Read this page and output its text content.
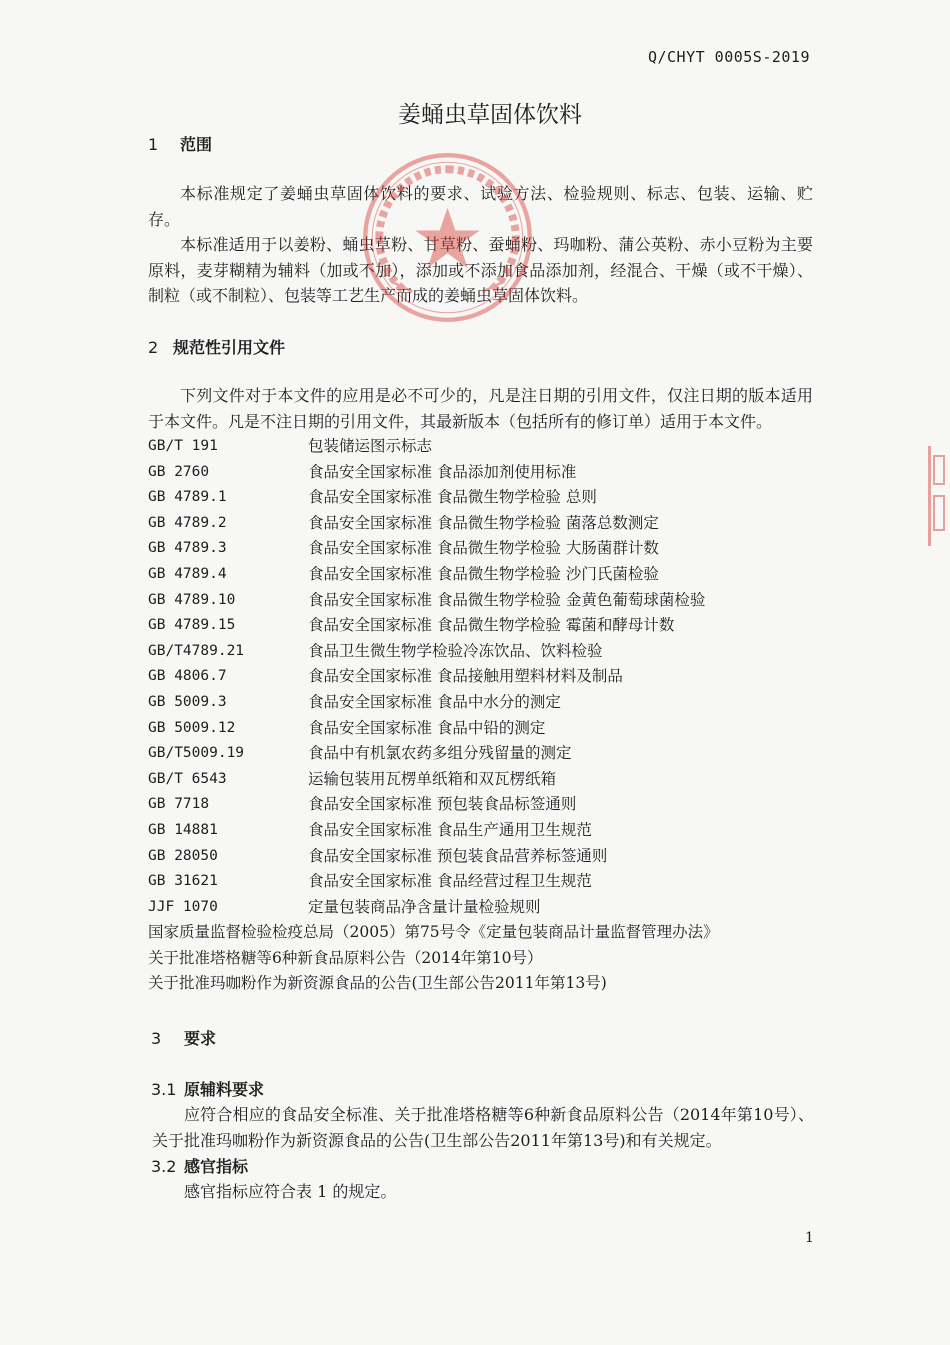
Q/CHYT 0005S-2019
姜蛹虫草固体饮料
1 范围
本标准规定了姜蛹虫草固体饮料的要求、试验方法、检验规则、标志、包装、运输、贮存。
本标准适用于以姜粉、蛹虫草粉、甘草粉、蚕蛹粉、玛咖粉、蒲公英粉、赤小豆粉为主要原料，麦芽糊精为辅料（加或不加），添加或不添加食品添加剂，经混合、干燥（或不干燥）、制粒（或不制粒）、包装等工艺生产而成的姜蛹虫草固体饮料。
2 规范性引用文件
下列文件对于本文件的应用是必不可少的，凡是注日期的引用文件，仅注日期的版本适用于本文件。凡是不注日期的引用文件，其最新版本（包括所有的修订单）适用于本文件。
GB/T 191	包装储运图示标志
GB 2760	食品安全国家标准 食品添加剂使用标准
GB 4789.1	食品安全国家标准 食品微生物学检验 总则
GB 4789.2	食品安全国家标准 食品微生物学检验 菌落总数测定
GB 4789.3	食品安全国家标准 食品微生物学检验 大肠菌群计数
GB 4789.4	食品安全国家标准 食品微生物学检验 沙门氏菌检验
GB 4789.10	食品安全国家标准 食品微生物学检验 金黄色葡萄球菌检验
GB 4789.15	食品安全国家标准 食品微生物学检验 霉菌和酵母计数
GB/T4789.21	食品卫生微生物学检验冷冻饮品、饮料检验
GB 4806.7	食品安全国家标准 食品接触用塑料材料及制品
GB 5009.3	食品安全国家标准 食品中水分的测定
GB 5009.12	食品安全国家标准 食品中铅的测定
GB/T5009.19	食品中有机氯农药多组分残留量的测定
GB/T 6543	运输包装用瓦楞单纸箱和双瓦楞纸箱
GB 7718	食品安全国家标准 预包装食品标签通则
GB 14881	食品安全国家标准 食品生产通用卫生规范
GB 28050	食品安全国家标准 预包装食品营养标签通则
GB 31621	食品安全国家标准 食品经营过程卫生规范
JJF 1070	定量包装商品净含量计量检验规则
国家质量监督检验检疫总局（2005）第75号令《定量包装商品计量监督管理办法》
关于批准塔格糖等6种新食品原料公告（2014年第10号）
关于批准玛咖粉作为新资源食品的公告(卫生部公告2011年第13号)
3 要求
3.1 原辅料要求
应符合相应的食品安全标准、关于批准塔格糖等6种新食品原料公告（2014年第10号）、关于批准玛咖粉作为新资源食品的公告(卫生部公告2011年第13号)和有关规定。
3.2 感官指标
感官指标应符合表 1 的规定。
1
